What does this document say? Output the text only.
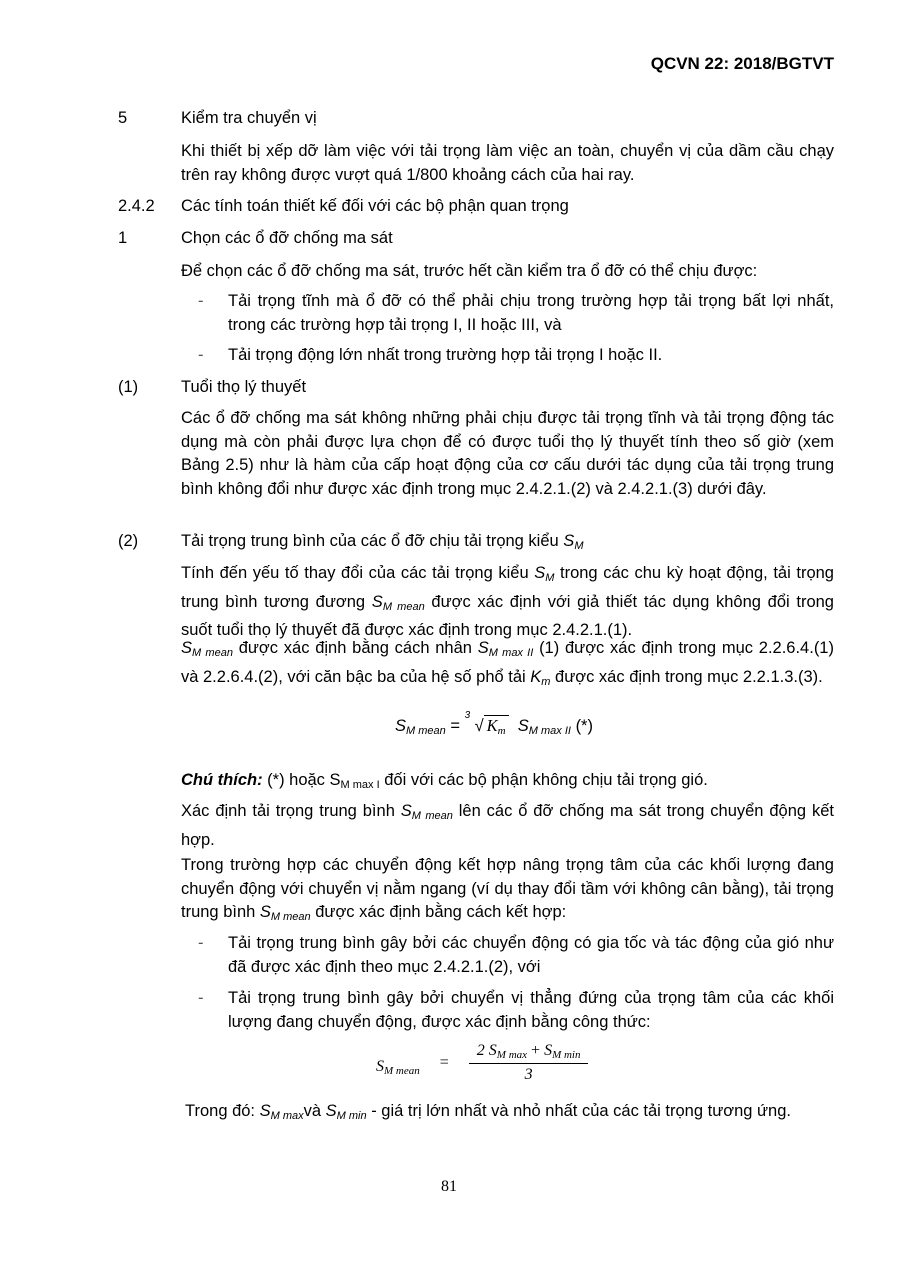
QCVN 22: 2018/BGTVT
5	Kiểm tra chuyển vị
Khi thiết bị xếp dỡ làm việc với tải trọng làm việc an toàn, chuyển vị của dầm cầu chạy trên ray không được vượt quá 1/800 khoảng cách của hai ray.
2.4.2 Các tính toán thiết kế đối với các bộ phận quan trọng
1	Chọn các ổ đỡ chống ma sát
Để chọn các ổ đỡ chống ma sát, trước hết cần kiểm tra ổ đỡ có thể chịu được:
- Tải trọng tĩnh mà ổ đỡ có thể phải chịu trong trường hợp tải trọng bất lợi nhất, trong các trường hợp tải trọng I, II hoặc III, và
- Tải trọng động lớn nhất trong trường hợp tải trọng I hoặc II.
(1)	Tuổi thọ lý thuyết
Các ổ đỡ chống ma sát không những phải chịu được tải trọng tĩnh và tải trọng động tác dụng mà còn phải được lựa chọn để có được tuổi thọ lý thuyết tính theo số giờ (xem Bảng 2.5) như là hàm của cấp hoạt động của cơ cấu dưới tác dụng của tải trọng trung bình không đổi như được xác định trong mục 2.4.2.1.(2) và 2.4.2.1.(3) dưới đây.
(2)	Tải trọng trung bình của các ổ đỡ chịu tải trọng kiểu $S_M$
Tính đến yếu tố thay đổi của các tải trọng kiểu $S_M$ trong các chu kỳ hoạt động, tải trọng trung bình tương đương $S_{M mean}$ được xác định với giả thiết tác dụng không đổi trong suốt tuổi thọ lý thuyết đã được xác định trong mục 2.4.2.1.(1).
$S_{M mean}$ được xác định bằng cách nhân $S_{M max II}$ (1) được xác định trong mục 2.2.6.4.(1) và 2.2.6.4.(2), với căn bậc ba của hệ số phổ tải $K_m$ được xác định trong mục 2.2.1.3.(3).
$S_{M mean}$ =
3
√ $K_m$ $S_{M max II}$ (*)
Chú thích: (*) hoặc $S_{M max I}$ đối với các bộ phận không chịu tải trọng gió.
Xác định tải trọng trung bình $S_{M mean}$ lên các ổ đỡ chống ma sát trong chuyển động kết hợp.
Trong trường hợp các chuyển động kết hợp nâng trọng tâm của các khối lượng đang chuyển động với chuyển vị nằm ngang (ví dụ thay đổi tầm với không cân bằng), tải trọng trung bình $S_{M mean}$ được xác định bằng cách kết hợp:
- Tải trọng trung bình gây bởi các chuyển động có gia tốc và tác động của gió như đã được xác định theo mục 2.4.2.1.(2), với
- Tải trọng trung bình gây bởi chuyển vị thẳng đứng của trọng tâm của các khối lượng đang chuyển động, được xác định bằng công thức:
$S_{M mean} = \frac{2 S_{M max} + S_{M min}}{3}$
Trong đó: $S_{M max}và$ $S_{M min}$ - giá trị lớn nhất và nhỏ nhất của các tải trọng tương ứng.
81
